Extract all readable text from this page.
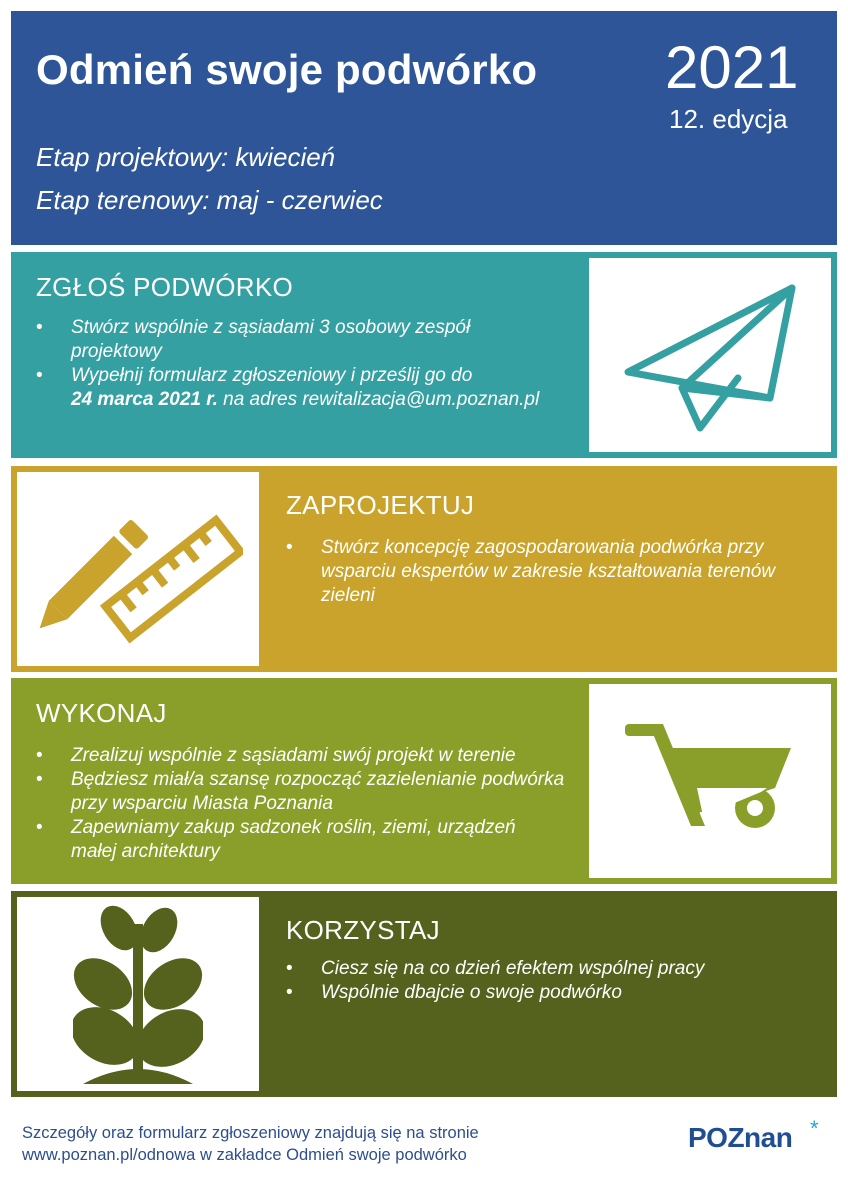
Odmień swoje podwórko 2021
12. edycja
Etap projektowy: kwiecień
Etap terenowy: maj - czerwiec
ZGŁOŚ PODWÓRKO
• Stwórz wspólnie z sąsiadami 3 osobowy zespół projektowy
• Wypełnij formularz zgłoszeniowy i prześlij go do
24 marca 2021 r. na adres rewitalizacja@um.poznan.pl
ZAPROJEKTUJ
• Stwórz koncepcję zagospodarowania podwórka przy wsparciu ekspertów w zakresie kształtowania terenów zieleni
WYKONAJ
• Zrealizuj wspólnie z sąsiadami swój projekt w terenie
• Będziesz miał/a szansę rozpocząć zazielenianie podwórka przy wsparciu Miasta Poznania
• Zapewniamy zakup sadzonek roślin, ziemi, urządzeń małej architektury
KORZYSTAJ
• Ciesz się na co dzień efektem wspólnej pracy
• Wspólnie dbajcie o swoje podwórko
Szczegóły oraz formularz zgłoszeniowy znajdują się na stronie
www.poznan.pl/odnowa w zakładce Odmień swoje podwórko
POZnan *
